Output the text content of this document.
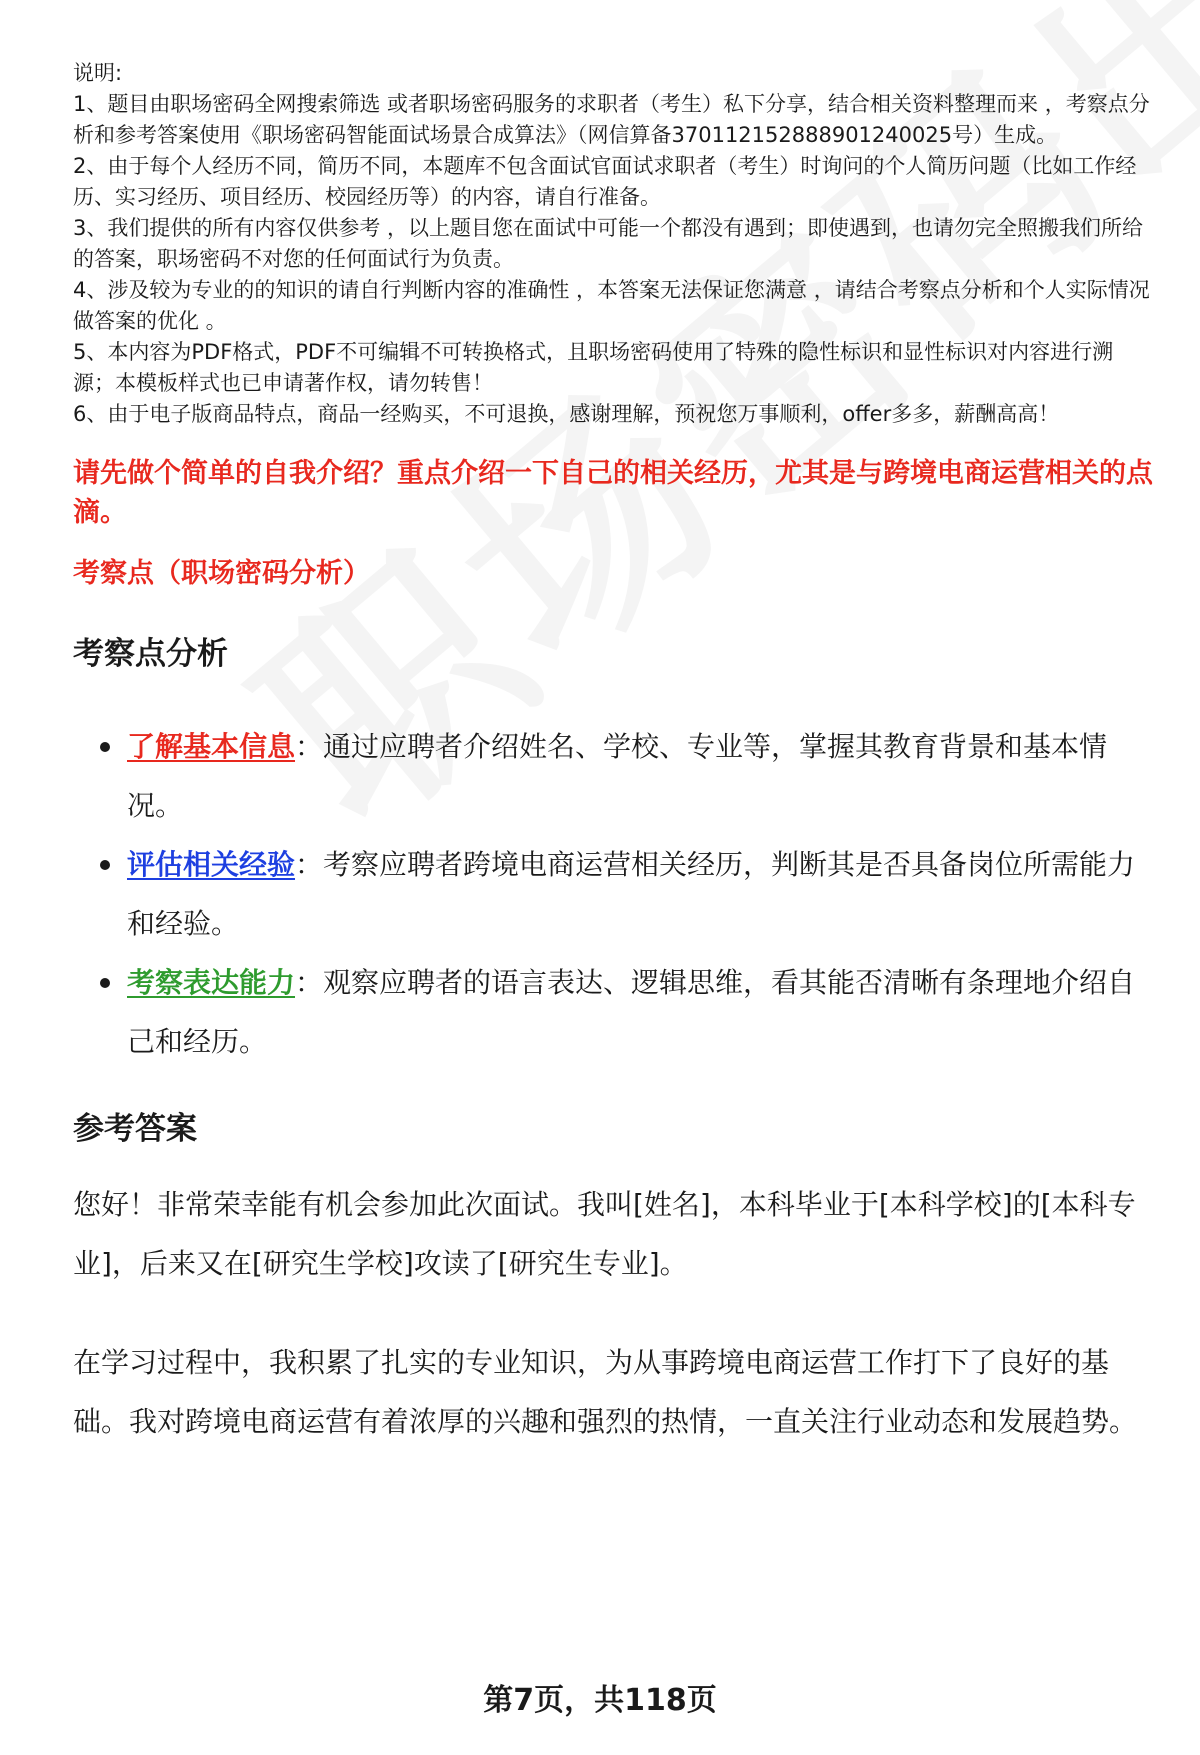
说明:

1、题目由职场密码全网搜索筛选 或者职场密码服务的求职者（考生）私下分享，结合相关资料整理而来 ，考察点分析和参考答案使用《职场密码智能面试场景合成算法》（网信算备370112152888901240025号）生成。

2、由于每个人经历不同，简历不同，本题库不包含面试官面试求职者（考生）时询问的个人简历问题（比如工作经历、实习经历、项目经历、校园经历等）的内容，请自行准备。

3、我们提供的所有内容仅供参考 ，以上题目您在面试中可能一个都没有遇到；即使遇到，也请勿完全照搬我们所给的答案，职场密码不对您的任何面试行为负责。

4、涉及较为专业的的知识的请自行判断内容的准确性 ，本答案无法保证您满意 ，请结合考察点分析和个人实际情况做答案的优化 。

5、本内容为PDF格式，PDF不可编辑不可转换格式，且职场密码使用了特殊的隐性标识和显性标识对内容进行溯源；本模板样式也已申请著作权，请勿转售！

6、由于电子版商品特点，商品一经购买，不可退换，感谢理解，预祝您万事顺利，offer多多，薪酬高高！

请先做个简单的自我介绍？重点介绍一下自己的相关经历，尤其是与跨境电商运营相关的点滴。
考察点（职场密码分析）
考察点分析
了解基本信息：通过应聘者介绍姓名、学校、专业等，掌握其教育背景和基本情况。
评估相关经验：考察应聘者跨境电商运营相关经历，判断其是否具备岗位所需能力和经验。
考察表达能力：观察应聘者的语言表达、逻辑思维，看其能否清晰有条理地介绍自己和经历。
参考答案

您好！非常荣幸能有机会参加此次面试。我叫[姓名]，本科毕业于[本科学校]的[本科专业]，后来又在[研究生学校]攻读了[研究生专业]。

在学习过程中，我积累了扎实的专业知识，为从事跨境电商运营工作打下了良好的基础。我对跨境电商运营有着浓厚的兴趣和强烈的热情，一直关注行业动态和发展趋势。

第7页，共118页
